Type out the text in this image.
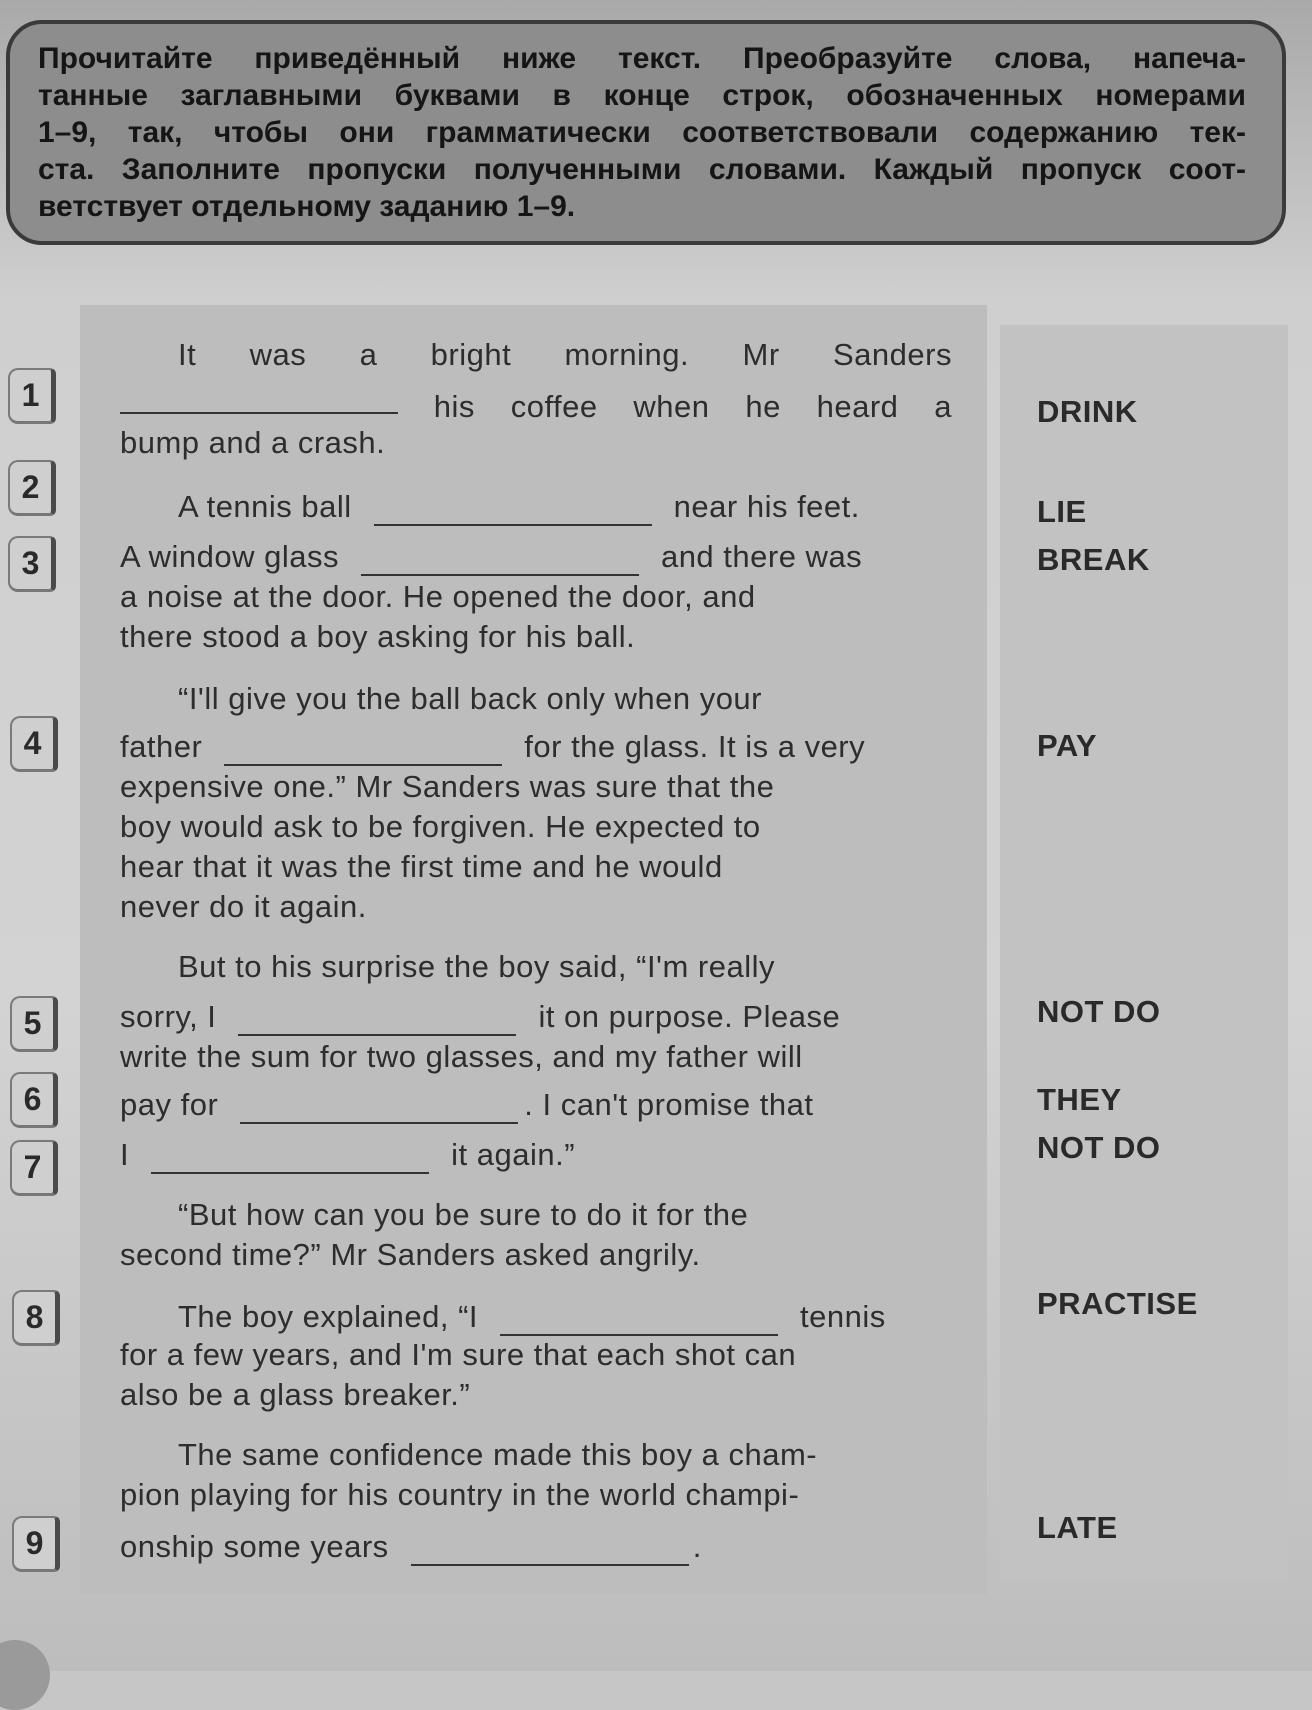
Прочитайте приведённый ниже текст. Преобразуйте слова, напеча-
танные заглавными буквами в конце строк, обозначенных номерами
1–9, так, чтобы они грамматически соответствовали содержанию тек-
ста. Заполните пропуски полученными словами. Каждый пропуск соот-
ветствует отдельному заданию 1–9.
1
2
3
4
5
6
7
8
9
DRINK
LIE
BREAK
PAY
NOT DO
THEY
NOT DO
PRACTISE
LATE
It was a bright morning. Mr Sanders
his coffee when he heard a
bump and a crash.
A tennis ball	near his feet.
A window glass	and there was
a noise at the door. He opened the door, and
there stood a boy asking for his ball.
“I'll give you the ball back only when your
father	for the glass. It is a very
expensive one.” Mr Sanders was sure that the
boy would ask to be forgiven. He expected to
hear that it was the first time and he would
never do it again.
But to his surprise the boy said, “I'm really
sorry, I	it on purpose. Please
write the sum for two glasses, and my father will
pay for	. I can't promise that
I	it again.”
“But how can you be sure to do it for the
second time?” Mr Sanders asked angrily.
The boy explained, “I	tennis
for a few years, and I'm sure that each shot can
also be a glass breaker.”
The same confidence made this boy a cham-
pion playing for his country in the world champi-
onship some years	.
